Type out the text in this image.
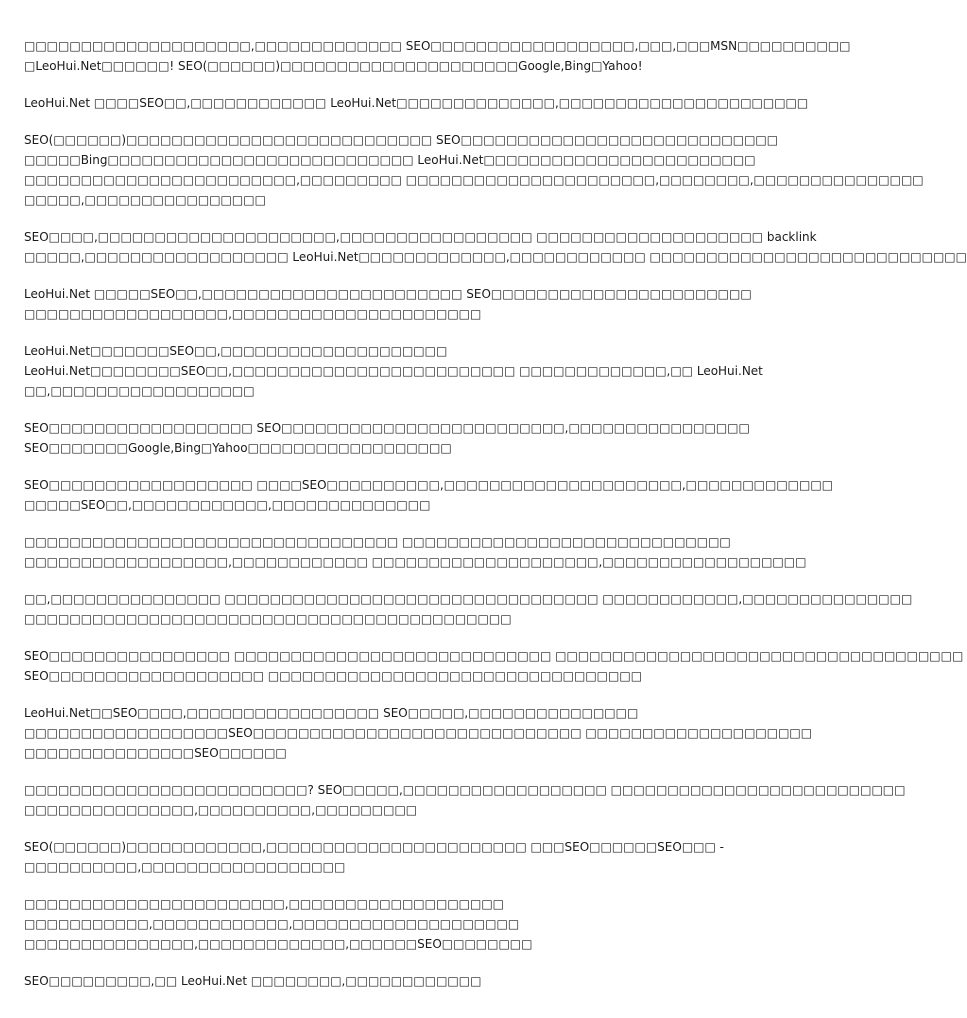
□□□□□□□□□□□□□□□□□□□□,□□□□□□□□□□□□□ SEO□□□□□□□□□□□□□□□□□□,□□□,□□□MSN□□□□□□□□□□
□LeoHui.Net□□□□□□! SEO(□□□□□□)□□□□□□□□□□□□□□□□□□□□□Google,Bing□Yahoo!
LeoHui.Net □□□□SEO□□,□□□□□□□□□□□□ LeoHui.Net□□□□□□□□□□□□□□,□□□□□□□□□□□□□□□□□□□□□□
SEO(□□□□□□)□□□□□□□□□□□□□□□□□□□□□□□□□□□ SEO□□□□□□□□□□□□□□□□□□□□□□□□□□□□
□□□□□Bing□□□□□□□□□□□□□□□□□□□□□□□□□□□ LeoHui.Net□□□□□□□□□□□□□□□□□□□□□□□□
□□□□□□□□□□□□□□□□□□□□□□□□,□□□□□□□□□ □□□□□□□□□□□□□□□□□□□□□□,□□□□□□□□,□□□□□□□□□□□□□□□
□□□□□,□□□□□□□□□□□□□□□□
SEO□□□□,□□□□□□□□□□□□□□□□□□□□□,□□□□□□□□□□□□□□□□□ □□□□□□□□□□□□□□□□□□□□ backlink
□□□□□,□□□□□□□□□□□□□□□□□□ LeoHui.Net□□□□□□□□□□□□□,□□□□□□□□□□□□ □□□□□□□□□□□□□□□□□□□□□□□□□□□□
LeoHui.Net □□□□□SEO□□,□□□□□□□□□□□□□□□□□□□□□□□ SEO□□□□□□□□□□□□□□□□□□□□□□□
□□□□□□□□□□□□□□□□□□,□□□□□□□□□□□□□□□□□□□□□□
LeoHui.Net□□□□□□□SEO□□,□□□□□□□□□□□□□□□□□□□□
LeoHui.Net□□□□□□□□SEO□□,□□□□□□□□□□□□□□□□□□□□□□□□□ □□□□□□□□□□□□□,□□ LeoHui.Net
□□,□□□□□□□□□□□□□□□□□□
SEO□□□□□□□□□□□□□□□□□□ SEO□□□□□□□□□□□□□□□□□□□□□□□□□,□□□□□□□□□□□□□□□□
SEO□□□□□□□Google,Bing□Yahoo□□□□□□□□□□□□□□□□□□
SEO□□□□□□□□□□□□□□□□□□ □□□□SEO□□□□□□□□□□,□□□□□□□□□□□□□□□□□□□□□,□□□□□□□□□□□□□
□□□□□SEO□□,□□□□□□□□□□□□,□□□□□□□□□□□□□□
□□□□□□□□□□□□□□□□□□□□□□□□□□□□□□□□□ □□□□□□□□□□□□□□□□□□□□□□□□□□□□□
□□□□□□□□□□□□□□□□□□,□□□□□□□□□□□□ □□□□□□□□□□□□□□□□□□□□,□□□□□□□□□□□□□□□□□□
□□,□□□□□□□□□□□□□□□ □□□□□□□□□□□□□□□□□□□□□□□□□□□□□□□□□ □□□□□□□□□□□□,□□□□□□□□□□□□□□□
□□□□□□□□□□□□□□□□□□□□□□□□□□□□□□□□□□□□□□□□□□□
SEO□□□□□□□□□□□□□□□□ □□□□□□□□□□□□□□□□□□□□□□□□□□□□ □□□□□□□□□□□□□□□□□□□□□□□□□□□□□□□□□□□□
SEO□□□□□□□□□□□□□□□□□□□ □□□□□□□□□□□□□□□□□□□□□□□□□□□□□□□□□
LeoHui.Net□□SEO□□□□,□□□□□□□□□□□□□□□□□ SEO□□□□□,□□□□□□□□□□□□□□□
□□□□□□□□□□□□□□□□□□SEO□□□□□□□□□□□□□□□□□□□□□□□□□□□□□ □□□□□□□□□□□□□□□□□□□□
□□□□□□□□□□□□□□□SEO□□□□□□
□□□□□□□□□□□□□□□□□□□□□□□□□? SEO□□□□□,□□□□□□□□□□□□□□□□□□ □□□□□□□□□□□□□□□□□□□□□□□□□□
□□□□□□□□□□□□□□□,□□□□□□□□□□,□□□□□□□□□
SEO(□□□□□□)□□□□□□□□□□□□,□□□□□□□□□□□□□□□□□□□□□□□ □□□SEO□□□□□□SEO□□□ -
□□□□□□□□□□,□□□□□□□□□□□□□□□□□□
□□□□□□□□□□□□□□□□□□□□□□□,□□□□□□□□□□□□□□□□□□□
□□□□□□□□□□□,□□□□□□□□□□□□,□□□□□□□□□□□□□□□□□□□□
□□□□□□□□□□□□□□□,□□□□□□□□□□□□□,□□□□□□SEO□□□□□□□□
SEO□□□□□□□□□,□□ LeoHui.Net □□□□□□□□,□□□□□□□□□□□□
